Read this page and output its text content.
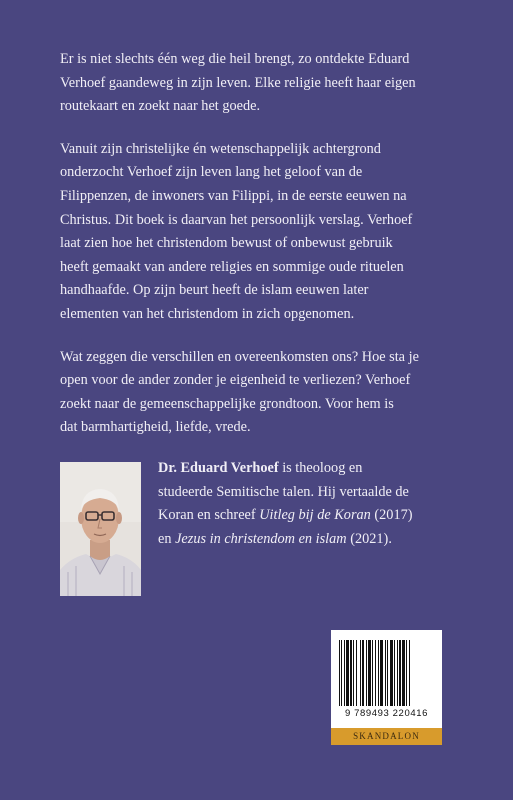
Er is niet slechts één weg die heil brengt, zo ontdekte Eduard
Verhoef gaandeweg in zijn leven. Elke religie heeft haar eigen
routekaart en zoekt naar het goede.

Vanuit zijn christelijke én wetenschappelijk achtergrond
onderzocht Verhoef zijn leven lang het geloof van de
Filippenzen, de inwoners van Filippi, in de eerste eeuwen na
Christus. Dit boek is daarvan het persoonlijk verslag. Verhoef
laat zien hoe het christendom bewust of onbewust gebruik
heeft gemaakt van andere religies en sommige oude rituelen
handhaafde. Op zijn beurt heeft de islam eeuwen later
elementen van het christendom in zich opgenomen.

Wat zeggen die verschillen en overeenkomsten ons? Hoe sta je
open voor de ander zonder je eigenheid te verliezen? Verhoef
zoekt naar de gemeenschappelijke grondtoon. Voor hem is
dat barmhartigheid, liefde, vrede.

Dr. Eduard Verhoef is theoloog en
studeerde Semitische talen. Hij vertaalde de
Koran en schreef Uitleg bij de Koran (2017)
en Jezus in christendom en islam (2021).
9 789493 220416
SKANDALON
